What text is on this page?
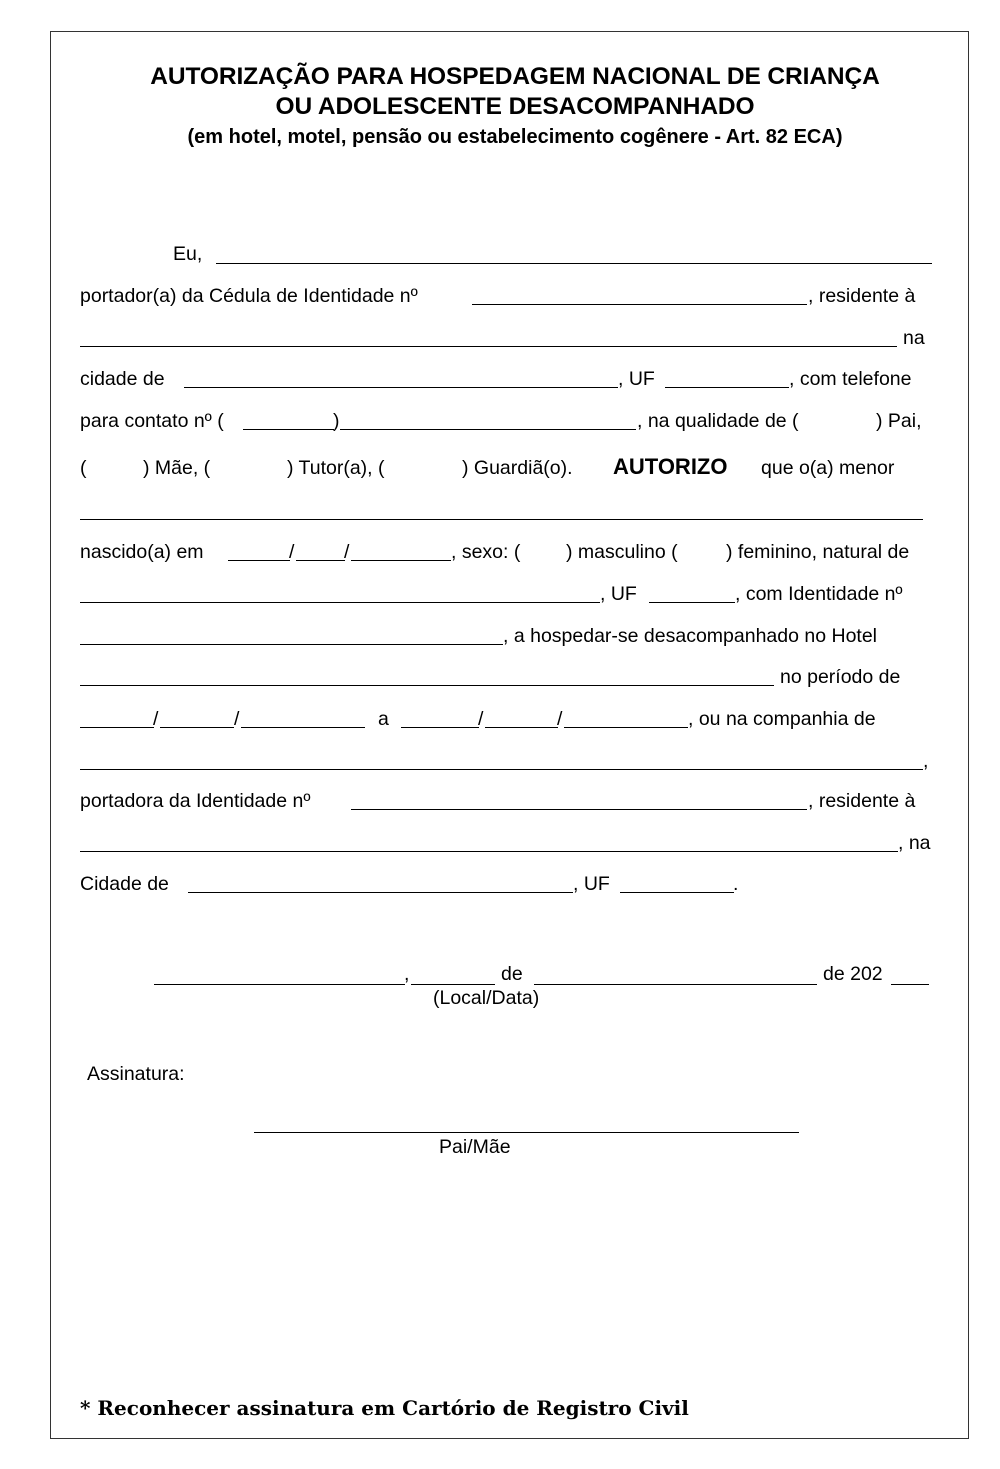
AUTORIZAÇÃO PARA HOSPEDAGEM NACIONAL DE CRIANÇA
OU ADOLESCENTE DESACOMPANHADO
(em hotel, motel, pensão ou estabelecimento cogênere - Art. 82 ECA)
Eu,
portador(a) da Cédula de Identidade nº	, residente à
na
cidade de	, UF	, com telefone
para contato nº (	)	, na qualidade de (	) Pai,
(	) Mãe, (	) Tutor(a), (	) Guardiã(o). AUTORIZO que o(a) menor
nascido(a) em	/	/	, sexo: ( ) masculino ( ) feminino, natural de
, UF	, com Identidade nº
, a hospedar-se desacompanhado no Hotel
no período de
/	/	a	/	/	, ou na companhia de
,
portadora da Identidade nº	, residente à
, na
Cidade de	, UF	.
,	de	de 202
(Local/Data)
Assinatura:
Pai/Mãe
* Reconhecer assinatura em Cartório de Registro Civil
